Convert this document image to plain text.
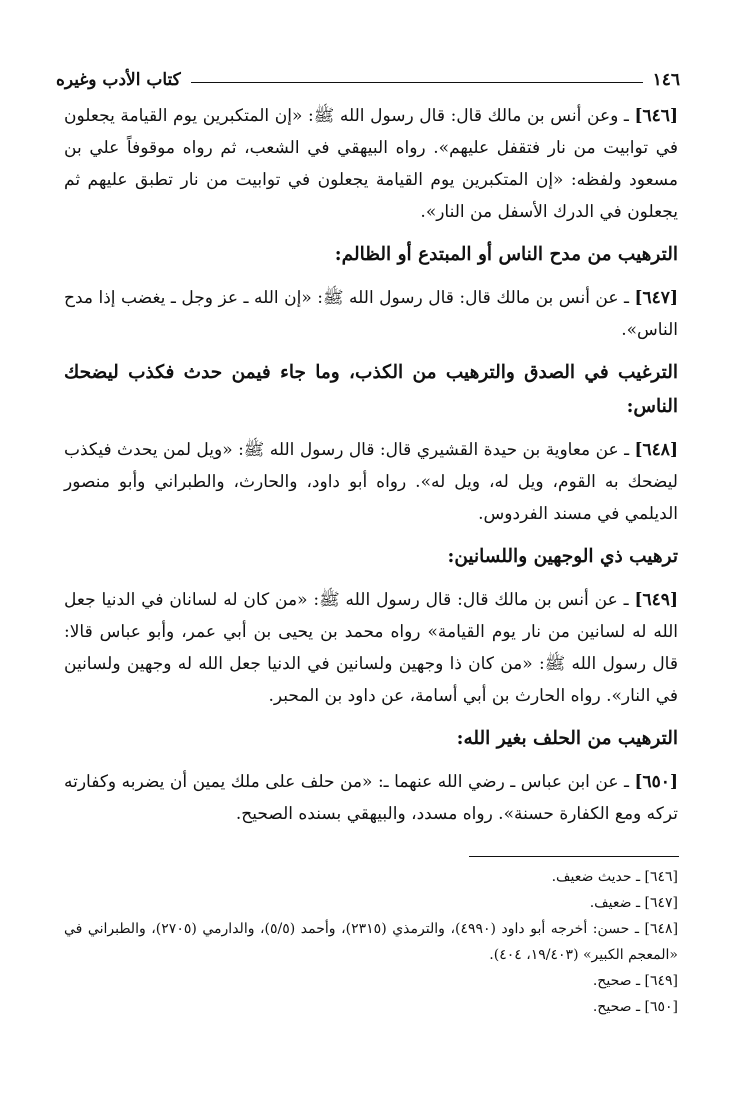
١٤٦
كتاب الأدب وغيره

[٦٤٦] ـ وعن أنس بن مالك قال: قال رسول الله ﷺ: «إن المتكبرين يوم القيامة يجعلون في توابيت من نار فتقفل عليهم». رواه البيهقي في الشعب، ثم رواه موقوفاً علي بن مسعود ولفظه: «إن المتكبرين يوم القيامة يجعلون في توابيت من نار تطبق عليهم ثم يجعلون في الدرك الأسفل من النار».

الترهيب من مدح الناس أو المبتدع أو الظالم:

[٦٤٧] ـ عن أنس بن مالك قال: قال رسول الله ﷺ: «إن الله ـ عز وجل ـ يغضب إذا مدح الناس».

الترغيب في الصدق والترهيب من الكذب، وما جاء فيمن حدث فكذب ليضحك الناس:

[٦٤٨] ـ عن معاوية بن حيدة القشيري قال: قال رسول الله ﷺ: «ويل لمن يحدث فيكذب ليضحك به القوم، ويل له، ويل له». رواه أبو داود، والحارث، والطبراني وأبو منصور الديلمي في مسند الفردوس.

ترهيب ذي الوجهين واللسانين:

[٦٤٩] ـ عن أنس بن مالك قال: قال رسول الله ﷺ: «من كان له لسانان في الدنيا جعل الله له لسانين من نار يوم القيامة» رواه محمد بن يحيى بن أبي عمر، وأبو عباس قالا: قال رسول الله ﷺ: «من كان ذا وجهين ولسانين في الدنيا جعل الله له وجهين ولسانين في النار». رواه الحارث بن أبي أسامة، عن داود بن المحبر.

الترهيب من الحلف بغير الله:

[٦٥٠] ـ عن ابن عباس ـ رضي الله عنهما ـ: «من حلف على ملك يمين أن يضربه وكفارته تركه ومع الكفارة حسنة». رواه مسدد، والبيهقي بسنده الصحيح.

[٦٤٦] ـ حديث ضعيف.

[٦٤٧] ـ ضعيف.

[٦٤٨] ـ حسن: أخرجه أبو داود (٤٩٩٠)، والترمذي (٢٣١٥)، وأحمد (٥/٥)، والدارمي (٢٧٠٥)، والطبراني في «المعجم الكبير» (١٩/٤٠٣، ٤٠٤).

[٦٤٩] ـ صحيح.

[٦٥٠] ـ صحيح.
